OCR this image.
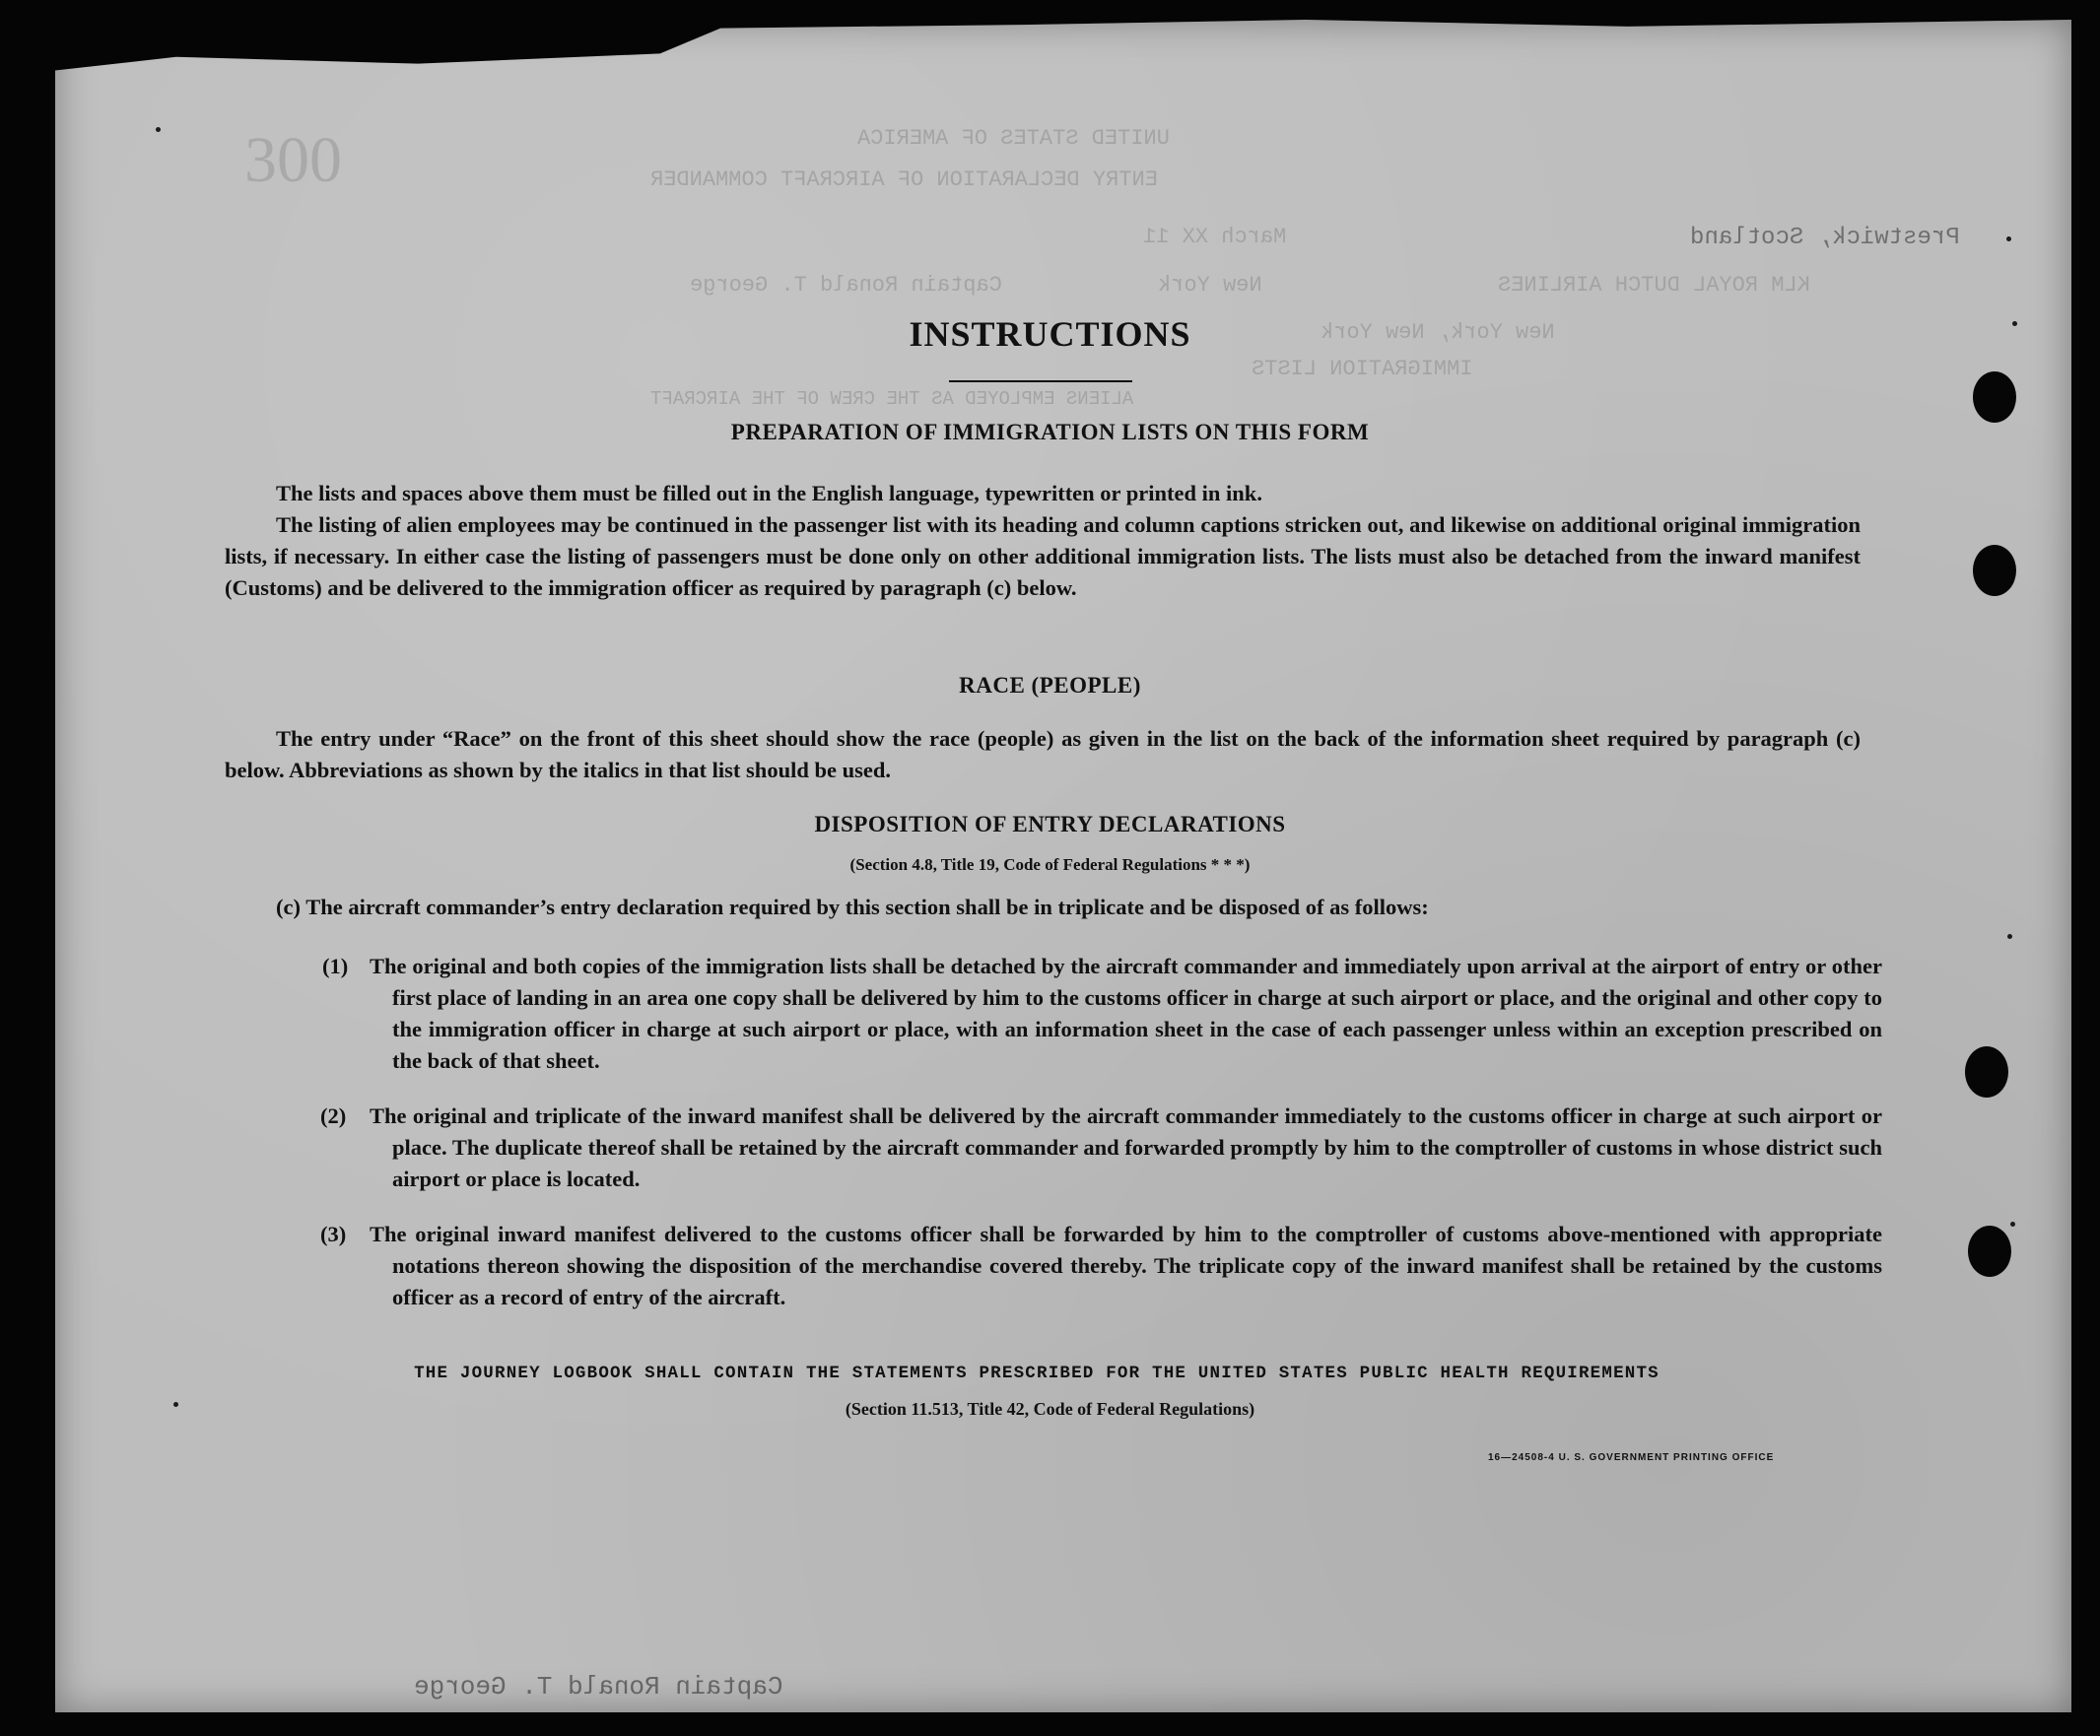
300	UNITED STATES OF AMERICA
ENTRY DECLARATION OF AIRCRAFT COMMANDER
Prestwick, Scotland
March XX 11
KLM ROYAL DUTCH AIRLINES
New York
Captain Ronald T. George
New York, New York
IMMIGRATION LISTS
ALIENS EMPLOYED AS THE CREW OF THE AIRCRAFT
Captain Ronald T. George
INSTRUCTIONS
PREPARATION OF IMMIGRATION LISTS ON THIS FORM
The lists and spaces above them must be filled out in the English language, typewritten or printed in ink.
The listing of alien employees may be continued in the passenger list with its heading and column captions stricken out, and likewise on additional original immigration lists, if necessary. In either case the listing of passengers must be done only on other additional immigration lists. The lists must also be detached from the inward manifest (Customs) and be delivered to the immigration officer as required by paragraph (c) below.
RACE (PEOPLE)
The entry under “Race” on the front of this sheet should show the race (people) as given in the list on the back of the information sheet required by paragraph (c) below. Abbreviations as shown by the italics in that list should be used.
DISPOSITION OF ENTRY DECLARATIONS
(Section 4.8, Title 19, Code of Federal Regulations * * *)
(c) The aircraft commander’s entry declaration required by this section shall be in triplicate and be disposed of as follows:
(1) The original and both copies of the immigration lists shall be detached by the aircraft commander and immediately upon arrival at the airport of entry or other first place of landing in an area one copy shall be delivered by him to the customs officer in charge at such airport or place, and the original and other copy to the immigration officer in charge at such airport or place, with an information sheet in the case of each passenger unless within an exception prescribed on the back of that sheet.
(2)	The original and triplicate of the inward manifest shall be delivered by the aircraft commander immediately to the customs officer in charge at such airport or place. The duplicate thereof shall be retained by the aircraft commander and forwarded promptly by him to the comptroller of customs in whose district such airport or place is located.
(3)	The original inward manifest delivered to the customs officer shall be forwarded by him to the comptroller of customs above-mentioned with appropriate notations thereon showing the disposition of the merchandise covered thereby. The triplicate copy of the inward manifest shall be retained by the customs officer as a record of entry of the aircraft.
THE JOURNEY LOGBOOK SHALL CONTAIN THE STATEMENTS PRESCRIBED FOR THE UNITED STATES PUBLIC HEALTH REQUIREMENTS
(Section 11.513, Title 42, Code of Federal Regulations)
16—24508-4 U. S. GOVERNMENT PRINTING OFFICE
